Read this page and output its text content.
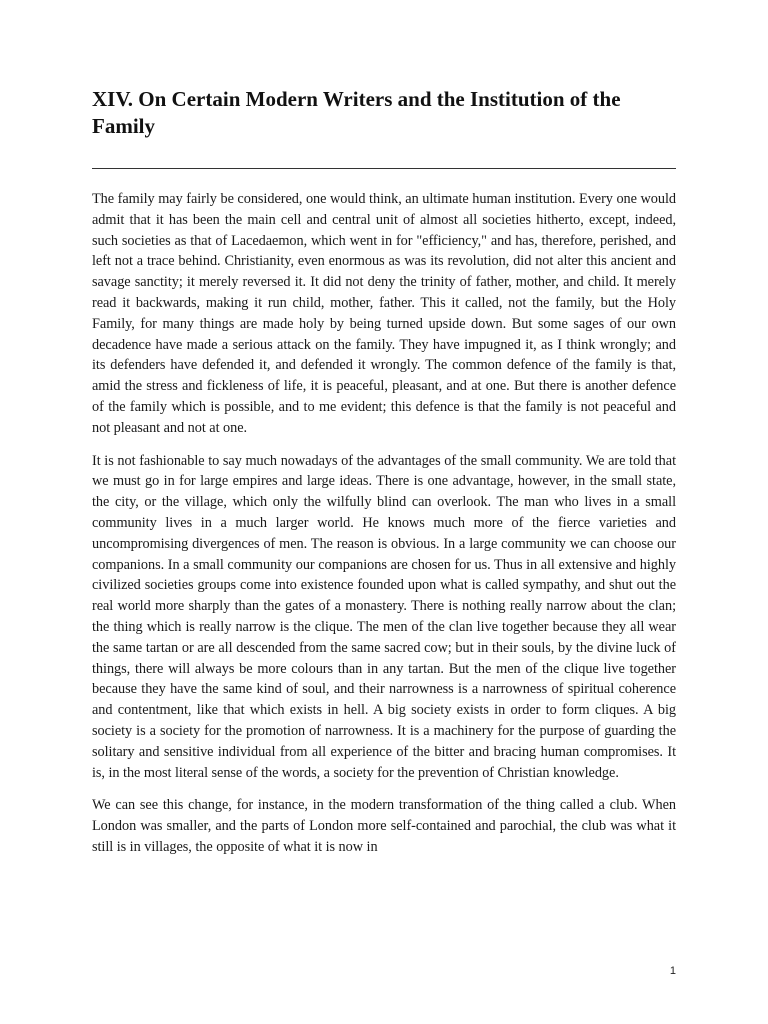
XIV. On Certain Modern Writers and the Institution of the Family

The family may fairly be considered, one would think, an ultimate human institution. Every one would admit that it has been the main cell and central unit of almost all societies hitherto, except, indeed, such societies as that of Lacedaemon, which went in for "efficiency," and has, therefore, perished, and left not a trace behind. Christianity, even enormous as was its revolution, did not alter this ancient and savage sanctity; it merely reversed it. It did not deny the trinity of father, mother, and child. It merely read it backwards, making it run child, mother, father. This it called, not the family, but the Holy Family, for many things are made holy by being turned upside down. But some sages of our own decadence have made a serious attack on the family. They have impugned it, as I think wrongly; and its defenders have defended it, and defended it wrongly. The common defence of the family is that, amid the stress and fickleness of life, it is peaceful, pleasant, and at one. But there is another defence of the family which is possible, and to me evident; this defence is that the family is not peaceful and not pleasant and not at one.

It is not fashionable to say much nowadays of the advantages of the small community. We are told that we must go in for large empires and large ideas. There is one advantage, however, in the small state, the city, or the village, which only the wilfully blind can overlook. The man who lives in a small community lives in a much larger world. He knows much more of the fierce varieties and uncompromising divergences of men. The reason is obvious. In a large community we can choose our companions. In a small community our companions are chosen for us. Thus in all extensive and highly civilized societies groups come into existence founded upon what is called sympathy, and shut out the real world more sharply than the gates of a monastery. There is nothing really narrow about the clan; the thing which is really narrow is the clique. The men of the clan live together because they all wear the same tartan or are all descended from the same sacred cow; but in their souls, by the divine luck of things, there will always be more colours than in any tartan. But the men of the clique live together because they have the same kind of soul, and their narrowness is a narrowness of spiritual coherence and contentment, like that which exists in hell. A big society exists in order to form cliques. A big society is a society for the promotion of narrowness. It is a machinery for the purpose of guarding the solitary and sensitive individual from all experience of the bitter and bracing human compromises. It is, in the most literal sense of the words, a society for the prevention of Christian knowledge.

We can see this change, for instance, in the modern transformation of the thing called a club. When London was smaller, and the parts of London more self-contained and parochial, the club was what it still is in villages, the opposite of what it is now in

1
